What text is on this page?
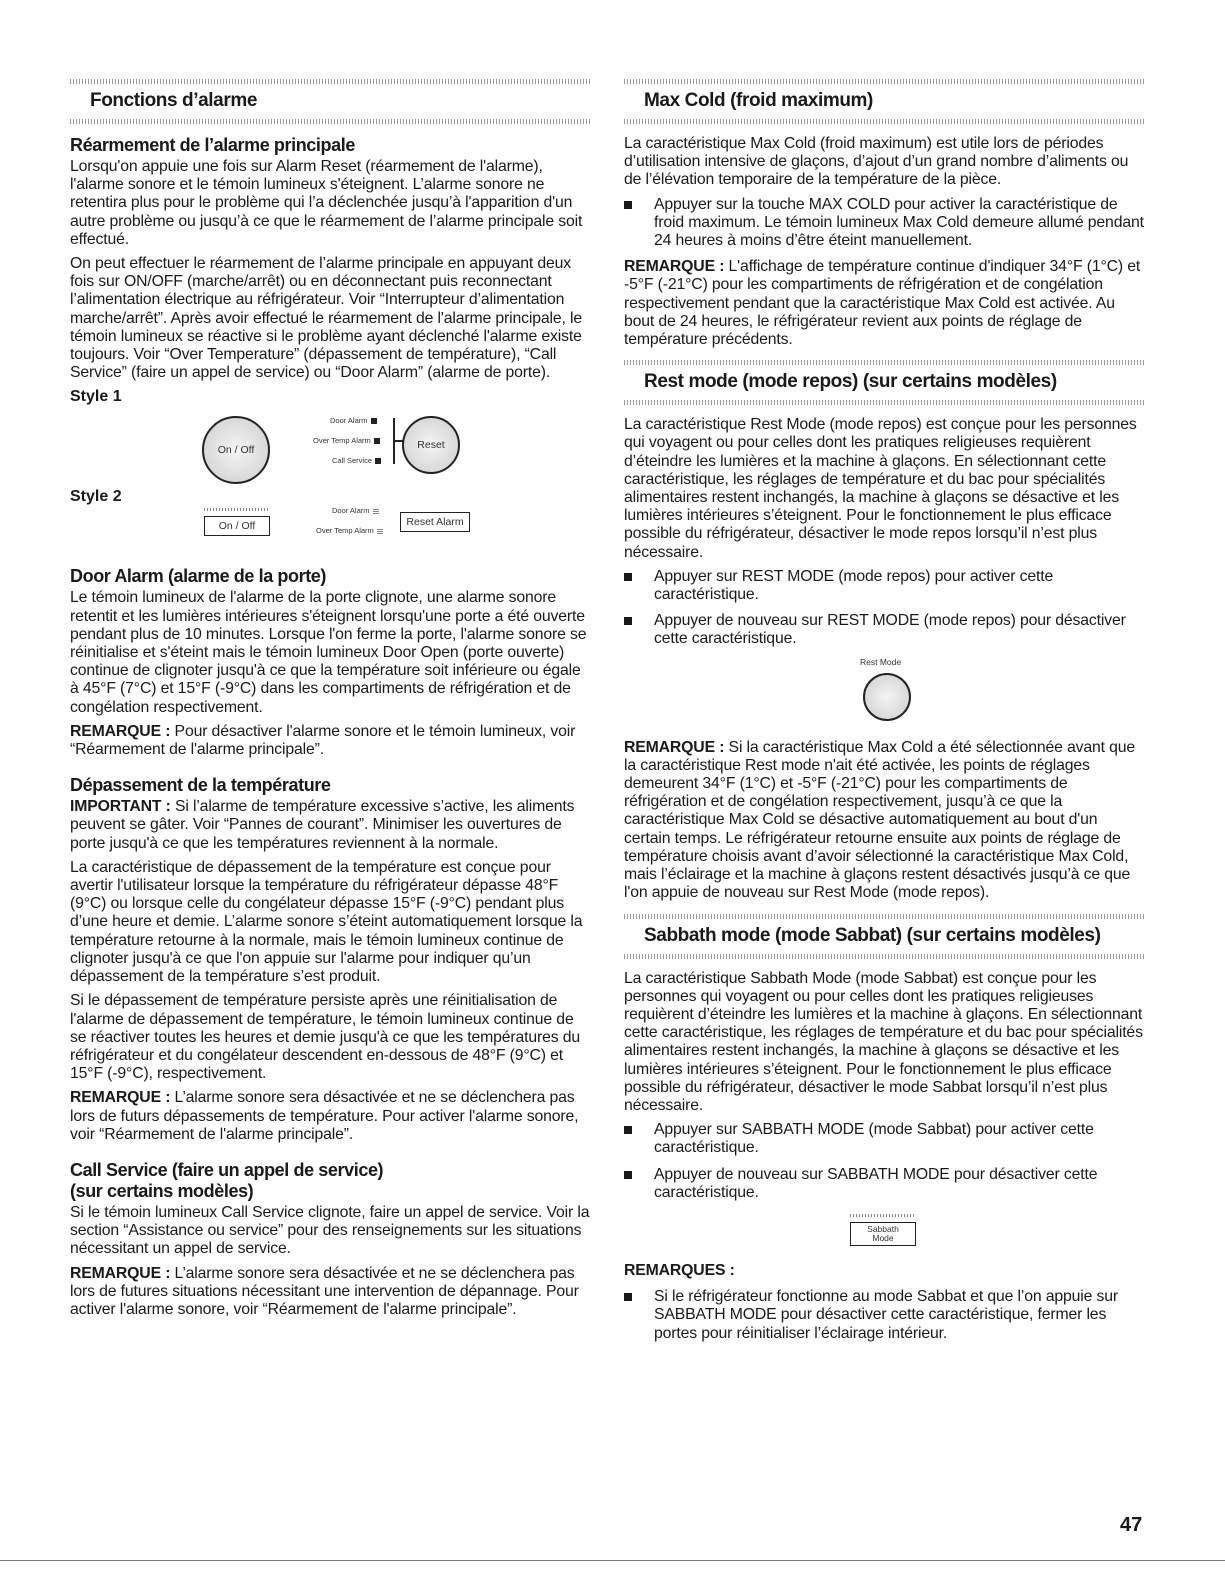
Fonctions d’alarme
Réarmement de l’alarme principale

Lorsqu'on appuie une fois sur Alarm Reset (réarmement de l'alarme), l'alarme sonore et le témoin lumineux s'éteignent. L’alarme sonore ne retentira plus pour le problème qui l’a déclenchée jusqu’à l'apparition d'un autre problème ou jusqu’à ce que le réarmement de l’alarme principale soit effectué.

On peut effectuer le réarmement de l’alarme principale en appuyant deux fois sur ON/OFF (marche/arrêt) ou en déconnectant puis reconnectant l’alimentation électrique au réfrigérateur. Voir “Interrupteur d’alimentation marche/arrêt”. Après avoir effectué le réarmement de l'alarme principale, le témoin lumineux se réactive si le problème ayant déclenché l'alarme existe toujours. Voir “Over Temperature” (dépassement de température), “Call Service” (faire un appel de service) ou “Door Alarm” (alarme de porte).

Style 1
On / Off
Door Alarm
Over Temp Alarm
Call Service
Reset
Style 2
On / Off
Door Alarm
Over Temp Alarm
Reset Alarm
Door Alarm (alarme de la porte)

Le témoin lumineux de l'alarme de la porte clignote, une alarme sonore retentit et les lumières intérieures s'éteignent lorsqu'une porte a été ouverte pendant plus de 10 minutes. Lorsque l'on ferme la porte, l'alarme sonore se réinitialise et s'éteint mais le témoin lumineux Door Open (porte ouverte) continue de clignoter jusqu'à ce que la température soit inférieure ou égale à 45°F (7°C) et 15°F (-9°C) dans les compartiments de réfrigération et de congélation respectivement.

REMARQUE : Pour désactiver l'alarme sonore et le témoin lumineux, voir “Réarmement de l'alarme principale”.

Dépassement de la température

IMPORTANT : Si l’alarme de température excessive s’active, les aliments peuvent se gâter. Voir “Pannes de courant”. Minimiser les ouvertures de porte jusqu'à ce que les températures reviennent à la normale.

La caractéristique de dépassement de la température est conçue pour avertir l'utilisateur lorsque la température du réfrigérateur dépasse 48°F (9°C) ou lorsque celle du congélateur dépasse 15°F (-9°C) pendant plus d’une heure et demie. L’alarme sonore s’éteint automatiquement lorsque la température retourne à la normale, mais le témoin lumineux continue de clignoter jusqu'à ce que l'on appuie sur l'alarme pour indiquer qu’un dépassement de la température s’est produit.

Si le dépassement de température persiste après une réinitialisation de l'alarme de dépassement de température, le témoin lumineux continue de se réactiver toutes les heures et demie jusqu'à ce que les températures du réfrigérateur et du congélateur descendent en-dessous de 48°F (9°C) et 15°F (-9°C), respectivement.

REMARQUE : L’alarme sonore sera désactivée et ne se déclenchera pas lors de futurs dépassements de température. Pour activer l'alarme sonore, voir “Réarmement de l'alarme principale”.

Call Service (faire un appel de service)
(sur certains modèles)

Si le témoin lumineux Call Service clignote, faire un appel de service. Voir la section “Assistance ou service” pour des renseignements sur les situations nécessitant un appel de service.

REMARQUE : L’alarme sonore sera désactivée et ne se déclenchera pas lors de futures situations nécessitant une intervention de dépannage. Pour activer l'alarme sonore, voir “Réarmement de l'alarme principale”.

Max Cold (froid maximum)

La caractéristique Max Cold (froid maximum) est utile lors de périodes d’utilisation intensive de glaçons, d’ajout d’un grand nombre d’aliments ou de l’élévation temporaire de la température de la pièce.

Appuyer sur la touche MAX COLD pour activer la caractéristique de froid maximum. Le témoin lumineux Max Cold demeure allumé pendant 24 heures à moins d’être éteint manuellement.

REMARQUE : L'affichage de température continue d'indiquer 34°F (1°C) et -5°F (-21°C) pour les compartiments de réfrigération et de congélation respectivement pendant que la caractéristique Max Cold est activée. Au bout de 24 heures, le réfrigérateur revient aux points de réglage de température précédents.

Rest mode (mode repos) (sur certains modèles)

La caractéristique Rest Mode (mode repos) est conçue pour les personnes qui voyagent ou pour celles dont les pratiques religieuses requièrent d’éteindre les lumières et la machine à glaçons. En sélectionnant cette caractéristique, les réglages de température et du bac pour spécialités alimentaires restent inchangés, la machine à glaçons se désactive et les lumières intérieures s’éteignent. Pour le fonctionnement le plus efficace possible du réfrigérateur, désactiver le mode repos lorsqu’il n’est plus nécessaire.

Appuyer sur REST MODE (mode repos) pour activer cette caractéristique.
Appuyer de nouveau sur REST MODE (mode repos) pour désactiver cette caractéristique.
Rest Mode

REMARQUE : Si la caractéristique Max Cold a été sélectionnée avant que la caractéristique Rest mode n'ait été activée, les points de réglages demeurent 34°F (1°C) et -5°F (-21°C) pour les compartiments de réfrigération et de congélation respectivement, jusqu’à ce que la caractéristique Max Cold se désactive automatiquement au bout d'un certain temps. Le réfrigérateur retourne ensuite aux points de réglage de température choisis avant d’avoir sélectionné la caractéristique Max Cold, mais l’éclairage et la machine à glaçons restent désactivés jusqu’à ce que l'on appuie de nouveau sur Rest Mode (mode repos).

Sabbath mode (mode Sabbat) (sur certains modèles)

La caractéristique Sabbath Mode (mode Sabbat) est conçue pour les personnes qui voyagent ou pour celles dont les pratiques religieuses requièrent d’éteindre les lumières et la machine à glaçons. En sélectionnant cette caractéristique, les réglages de température et du bac pour spécialités alimentaires restent inchangés, la machine à glaçons se désactive et les lumières intérieures s’éteignent. Pour le fonctionnement le plus efficace possible du réfrigérateur, désactiver le mode Sabbat lorsqu’il n’est plus nécessaire.

Appuyer sur SABBATH MODE (mode Sabbat) pour activer cette caractéristique.
Appuyer de nouveau sur SABBATH MODE pour désactiver cette caractéristique.
Sabbath
Mode

REMARQUES :

Si le réfrigérateur fonctionne au mode Sabbat et que l’on appuie sur SABBATH MODE pour désactiver cette caractéristique, fermer les portes pour réinitialiser l’éclairage intérieur.
47
